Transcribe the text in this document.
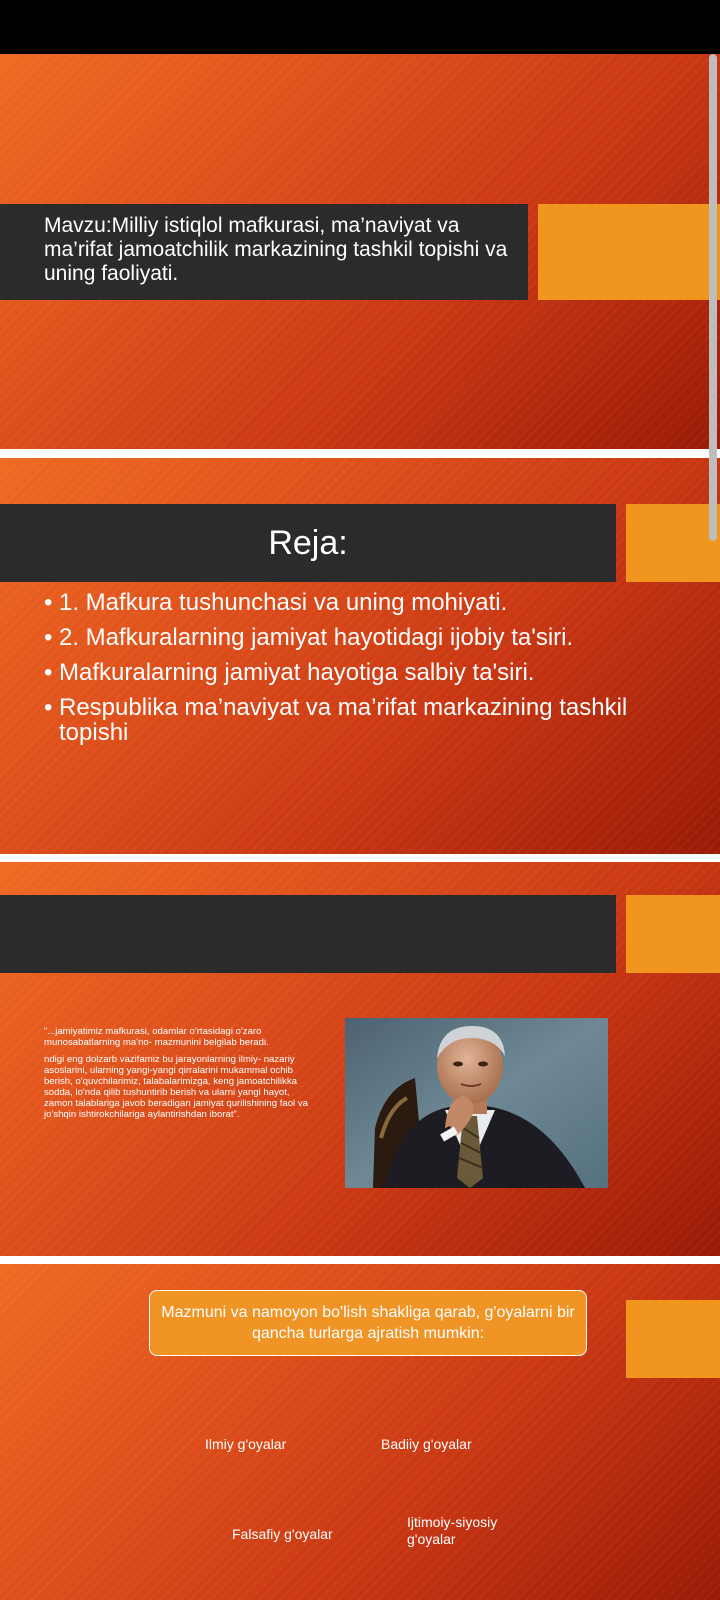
Mavzu:Milliy istiqlol mafkurasi, ma’naviyat va ma’rifat jamoatchilik markazining tashkil topishi va uning faoliyati.
Reja:
• 1. Mafkura tushunchasi va uning mohiyati.
• 2. Mafkuralarning jamiyat hayotidagi ijobiy ta'siri.
• Mafkuralarning jamiyat hayotiga salbiy ta'siri.
• Respublika ma’naviyat va ma’rifat markazining tashkil topishi

“...jamiyatimiz mafkurasi, odamlar o'rtasidagi o'zaro munosabatlarning ma'no- mazmunini belgilab beradi.

ndigi eng dolzarb vazifamiz bu jarayonlarning ilmiy- nazariy asoslarini, ularning yangi-yangi qirralarini mukammal ochib berish, o'quvchilarimiz, talabalarimizga, keng jamoatchilikka sodda, lo'nda qilib tushuntirib berish va ularni yangi hayot, zamon talablariga javob beradigan jamiyat qurilishining faol va jo'shqin ishtirokchilariga aylantirishdan iborat”.

Mazmuni va namoyon bo'lish shakliga qarab, g'oyalarni bir qancha turlarga ajratish mumkin:
Ilmiy g'oyalar	Badiiy g'oyalar
Falsafiy g'oyalar
Ijtimoiy-siyosiy g'oyalar
